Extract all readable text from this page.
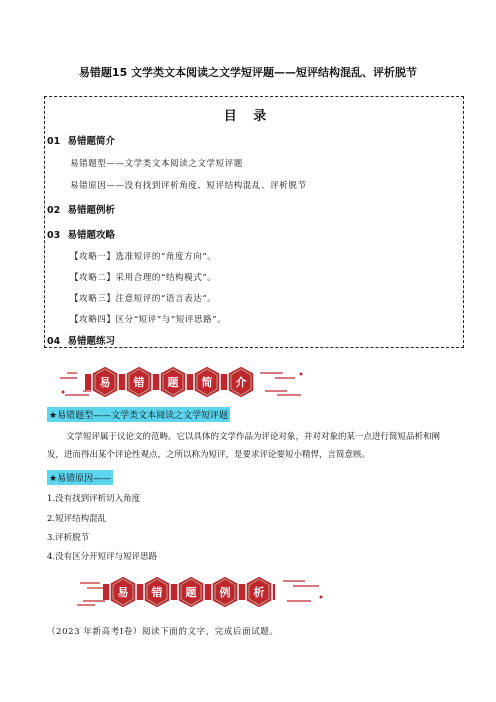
易错题15 文学类文本阅读之文学短评题——短评结构混乱、评析脱节
目 录
01 易错题简介
易错题型——文学类文本阅读之文学短评题
易错原因——没有找到评析角度、短评结构混乱、评析脱节
02 易错题例析
03 易错题攻略
【攻略一】选准短评的“角度方向”。
【攻略二】采用合理的“结构模式”。
【攻略三】注意短评的“语言表达”。
【攻略四】区分“短评”与“短评思路”。
04 易错题练习
易 错 题 简 介
★易错题型——文学类文本阅读之文学短评题
文学短评属于议论文的范畴。它以具体的文学作品为评论对象，并对对象的某一点进行简短品析和阐
发，进而得出某个评论性观点，之所以称为短评，是要求评论要短小精悍，言简意赅。
★易错原因——
1.没有找到评析切入角度
2.短评结构混乱
3.评析脱节
4.没有区分开短评与短评思路
易 错 题 例 析
（2023 年新高考Ⅰ卷）阅读下面的文字，完成后面试题。
